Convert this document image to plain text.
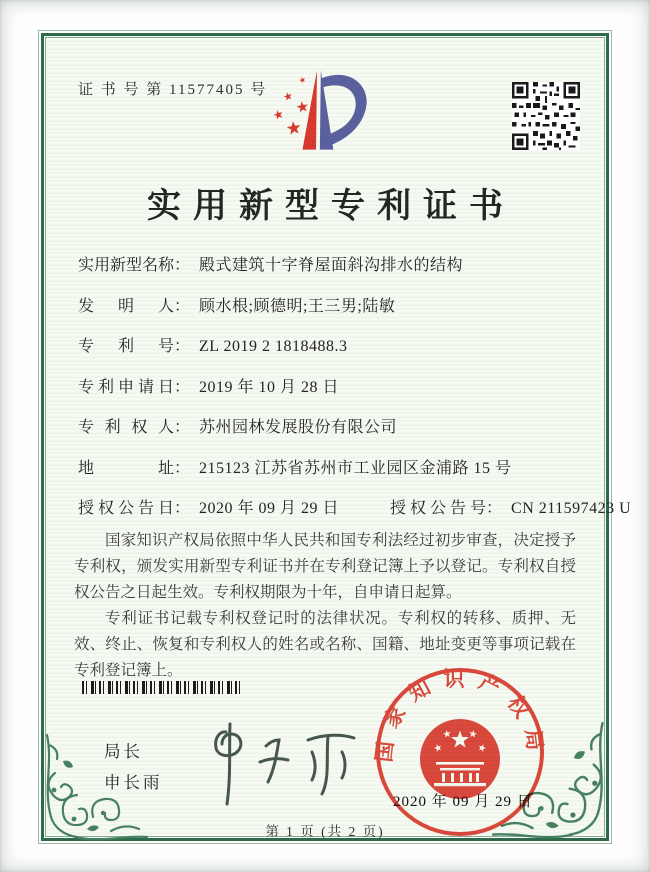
证 书 号 第 11577405 号
实用新型专利证书
实用新型名称： 殿式建筑十字脊屋面斜沟排水的结构
发明人： 顾水根;顾德明;王三男;陆敏
专利号： ZL 2019 2 1818488.3
专利申请日： 2019 年 10 月 28 日
专利权人： 苏州园林发展股份有限公司
地址： 215123 江苏省苏州市工业园区金浦路 15 号
授权公告日： 2020 年 09 月 29 日	授权公告号： CN 211597423 U

国家知识产权局依照中华人民共和国专利法经过初步审查，决定授予专利权，颁发实用新型专利证书并在专利登记簿上予以登记。专利权自授权公告之日起生效。专利权期限为十年，自申请日起算。

专利证书记载专利权登记时的法律状况。专利权的转移、质押、无效、终止、恢复和专利权人的姓名或名称、国籍、地址变更等事项记载在专利登记簿上。

局长
申长雨
国家知识产权局
2020 年 09 月 29 日
第 1 页 (共 2 页)
